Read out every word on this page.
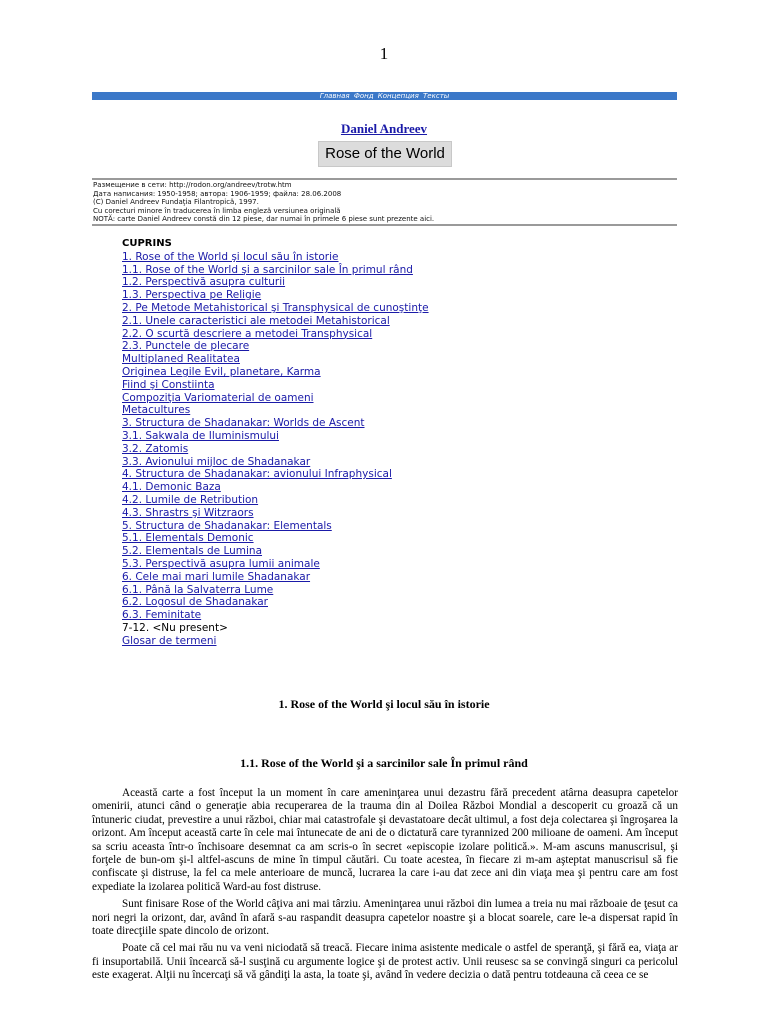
1
Главная Фонд Концепция Тексты
Daniel Andreev
Rose of the World
Размещение в сети: http://rodon.org/andreev/trotw.htm
Дата написания: 1950-1958; автора: 1906-1959; файла: 28.06.2008
(C) Daniel Andreev Fundaţia Filantropică, 1997.
Cu corecturi minore în traducerea în limba engleză versiunea originală
NOTĂ: carte Daniel Andreev constă din 12 piese, dar numai în primele 6 piese sunt prezente aici.
CUPRINS
1. Rose of the World şi locul său în istorie
1.1. Rose of the World şi a sarcinilor sale În primul rând
1.2. Perspectivă asupra culturii
1.3. Perspectiva pe Religie
2. Pe Metode Metahistorical şi Transphysical de cunoştinţe
2.1. Unele caracteristici ale metodei Metahistorical
2.2. O scurtă descriere a metodei Transphysical
2.3. Punctele de plecare
Multiplaned Realitatea
Originea Legile Evil, planetare, Karma
Fiind şi Constiinta
Compoziţia Variomaterial de oameni
Metacultures
3. Structura de Shadanakar: Worlds de Ascent
3.1. Sakwala de Iluminismului
3.2. Zatomis
3.3. Avionului mijloc de Shadanakar
4. Structura de Shadanakar: avionului Infraphysical
4.1. Demonic Baza
4.2. Lumile de Retribution
4.3. Shrastrs şi Witzraors
5. Structura de Shadanakar: Elementals
5.1. Elementals Demonic
5.2. Elementals de Lumina
5.3. Perspectivă asupra lumii animale
6. Cele mai mari lumile Shadanakar
6.1. Până la Salvaterra Lume
6.2. Logosul de Shadanakar
6.3. Feminitate
7-12. <Nu present>
Glosar de termeni
1. Rose of the World şi locul său în istorie
1.1. Rose of the World şi a sarcinilor sale În primul rând

Această carte a fost început la un moment în care ameninţarea unui dezastru fără precedent atârna deasupra capetelor omenirii, atunci când o generaţie abia recuperarea de la trauma din al Doilea Război Mondial a descoperit cu groază că un întuneric ciudat, prevestire a unui război, chiar mai catastrofale şi devastatoare decât ultimul, a fost deja colectarea şi îngroşarea la orizont. Am început această carte în cele mai întunecate de ani de o dictatură care tyrannized 200 milioane de oameni. Am început sa scriu aceasta într-o închisoare desemnat ca am scris-o în secret «episcopie izolare politică.». M-am ascuns manuscrisul, şi forţele de bun-om şi-l altfel-ascuns de mine în timpul căutări. Cu toate acestea, în fiecare zi m-am aşteptat manuscrisul să fie confiscate şi distruse, la fel ca mele anterioare de muncă, lucrarea la care i-au dat zece ani din viaţa mea şi pentru care am fost expediate la izolarea politică Ward-au fost distruse.

Sunt finisare Rose of the World câţiva ani mai târziu. Ameninţarea unui război din lumea a treia nu mai războaie de ţesut ca nori negri la orizont, dar, având în afară s-au raspandit deasupra capetelor noastre şi a blocat soarele, care le-a dispersat rapid în toate direcţiile spate dincolo de orizont.

Poate că cel mai rău nu va veni niciodată să treacă. Fiecare inima asistente medicale o astfel de speranţă, şi fără ea, viaţa ar fi insuportabilă. Unii încearcă să-l susţină cu argumente logice şi de protest activ. Unii reusesc sa se convingă singuri ca pericolul este exagerat. Alţii nu încercaţi să vă gândiţi la asta, la toate şi, având în vedere decizia o dată pentru totdeauna că ceea ce se
